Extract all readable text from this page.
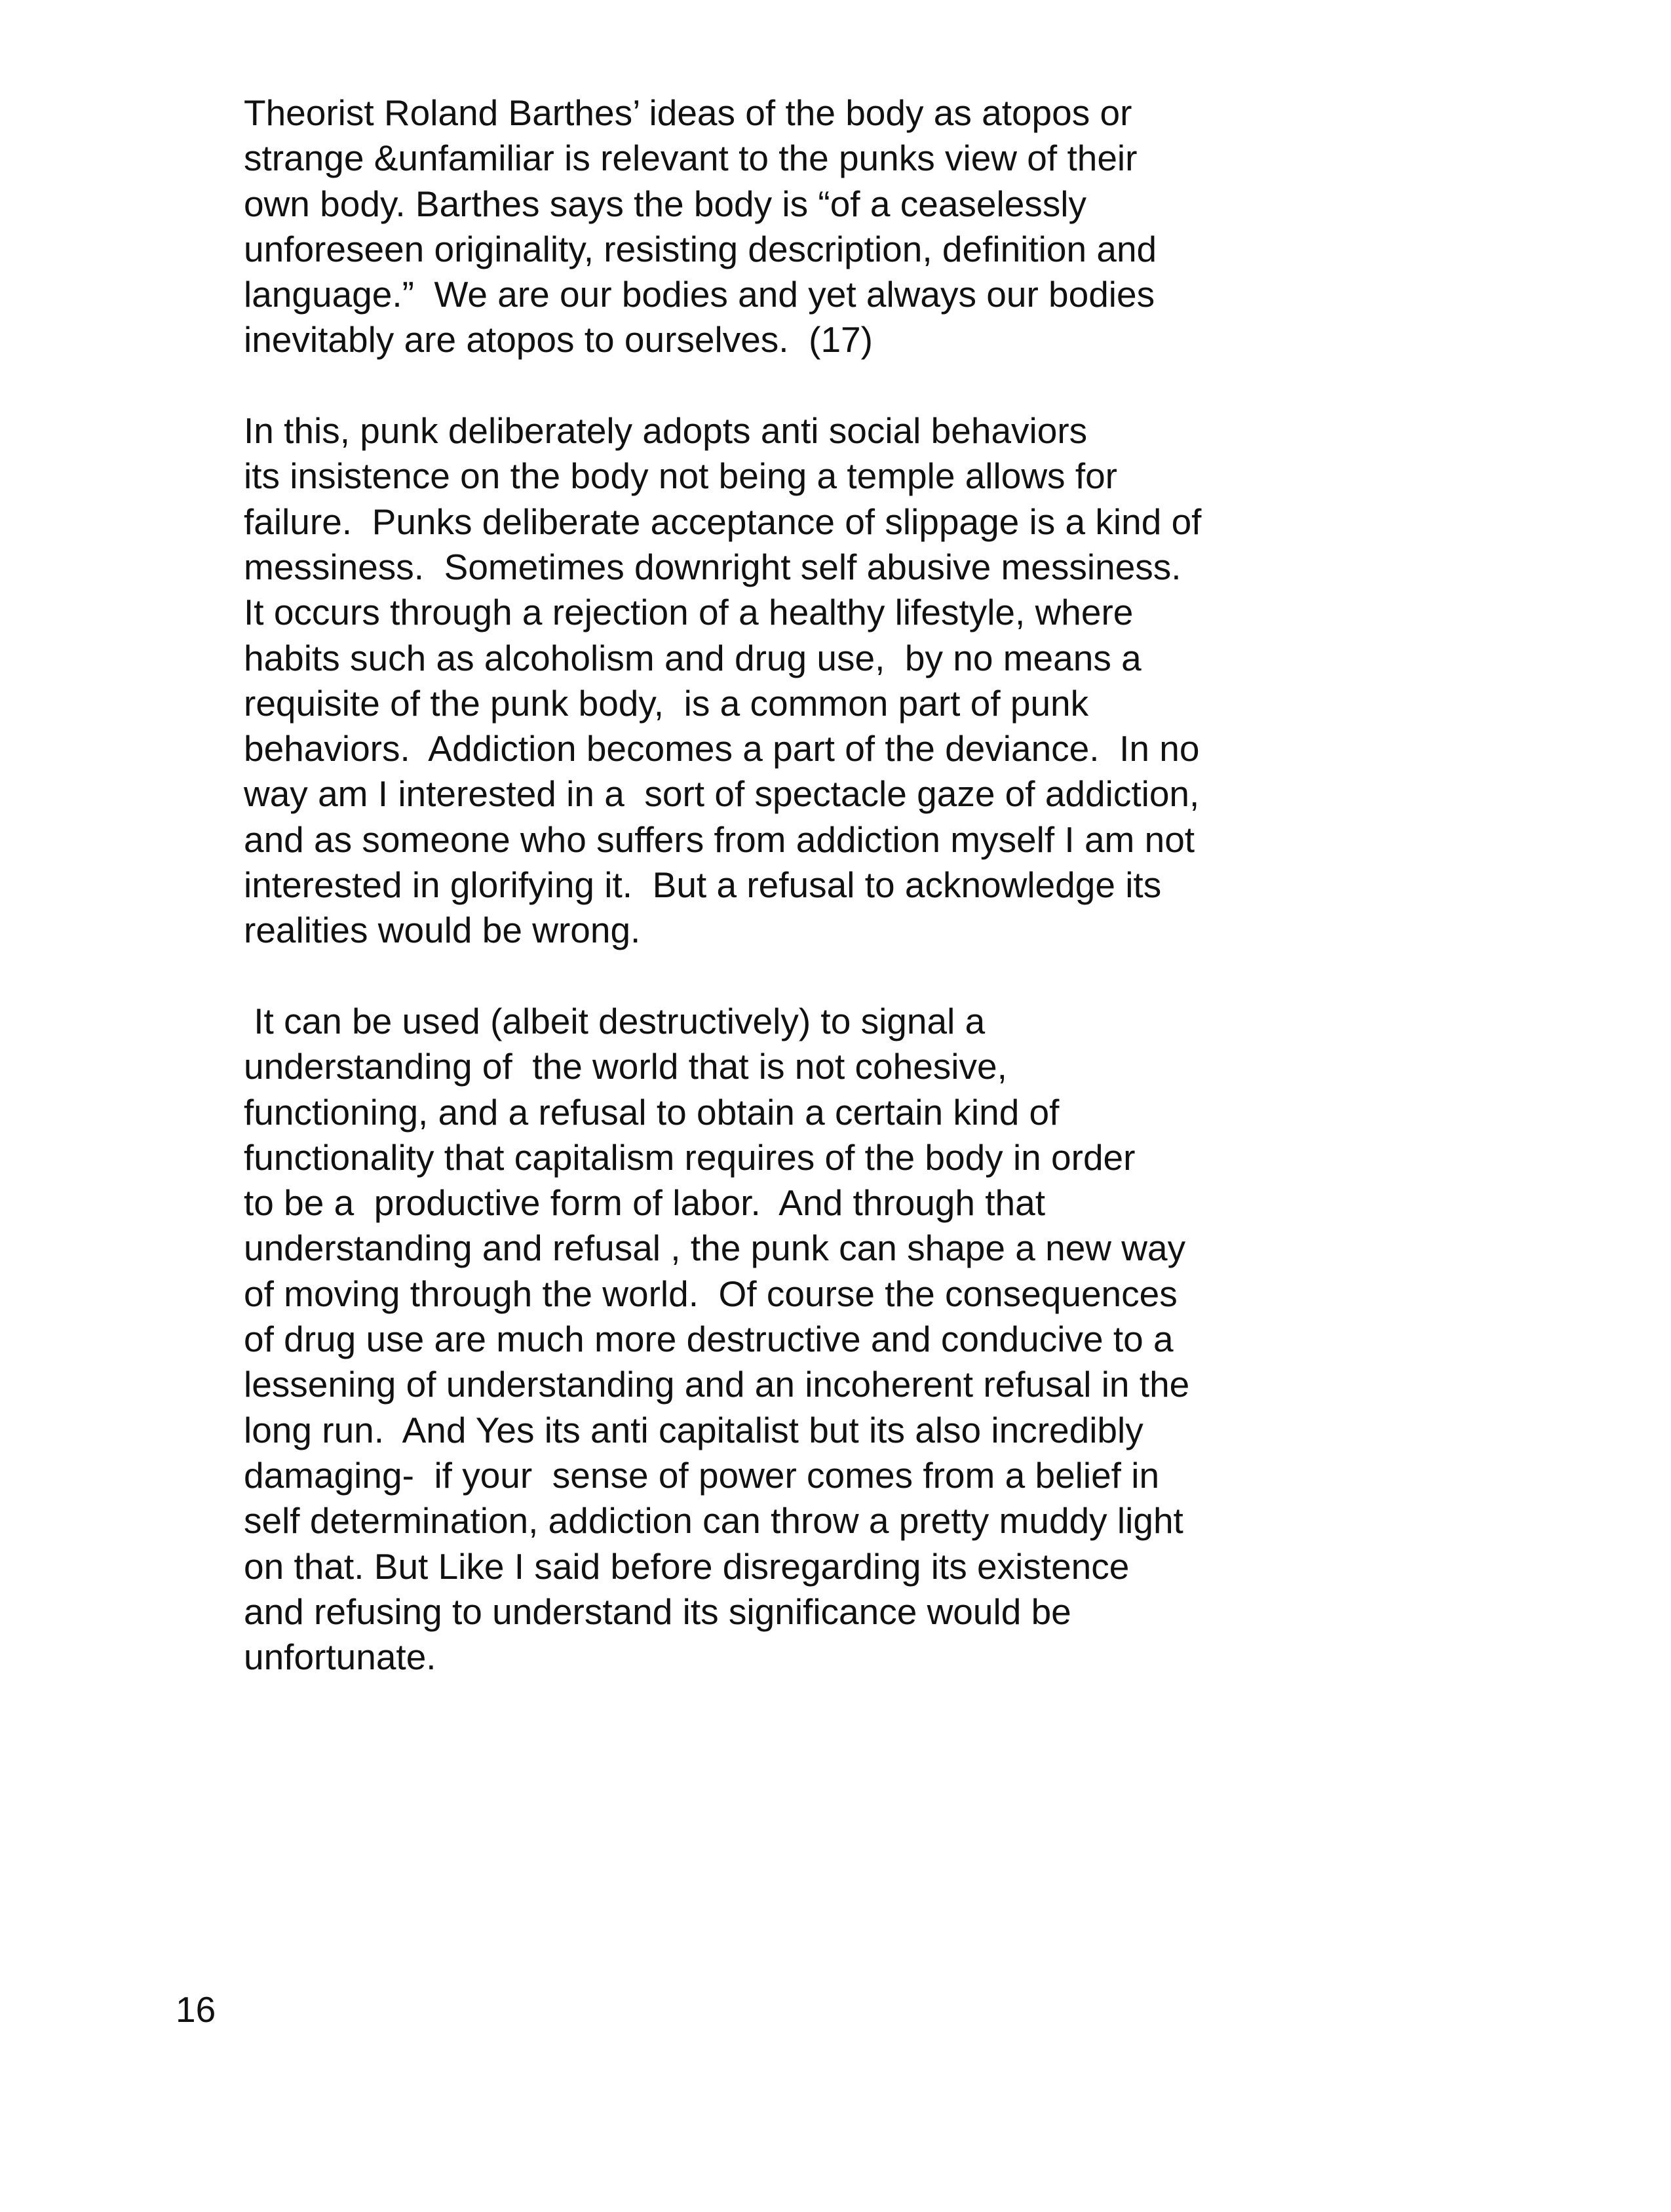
Theorist Roland Barthes’ ideas of the body as atopos or
strange &unfamiliar is relevant to the punks view of their
own body. Barthes says the body is “of a ceaselessly
unforeseen originality, resisting description, definition and
language.”  We are our bodies and yet always our bodies
inevitably are atopos to ourselves.  (17)
In this, punk deliberately adopts anti social behaviors
its insistence on the body not being a temple allows for
failure.  Punks deliberate acceptance of slippage is a kind of
messiness.  Sometimes downright self abusive messiness.
It occurs through a rejection of a healthy lifestyle, where
habits such as alcoholism and drug use,  by no means a
requisite of the punk body,  is a common part of punk
behaviors.  Addiction becomes a part of the deviance.  In no
way am I interested in a  sort of spectacle gaze of addiction,
and as someone who suffers from addiction myself I am not
interested in glorifying it.  But a refusal to acknowledge its
realities would be wrong.
It can be used (albeit destructively) to signal a
understanding of  the world that is not cohesive,
functioning, and a refusal to obtain a certain kind of
functionality that capitalism requires of the body in order
to be a  productive form of labor.  And through that
understanding and refusal , the punk can shape a new way
of moving through the world.  Of course the consequences
of drug use are much more destructive and conducive to a
lessening of understanding and an incoherent refusal in the
long run.  And Yes its anti capitalist but its also incredibly
damaging-  if your  sense of power comes from a belief in
self determination, addiction can throw a pretty muddy light
on that. But Like I said before disregarding its existence
and refusing to understand its significance would be
unfortunate.
16
